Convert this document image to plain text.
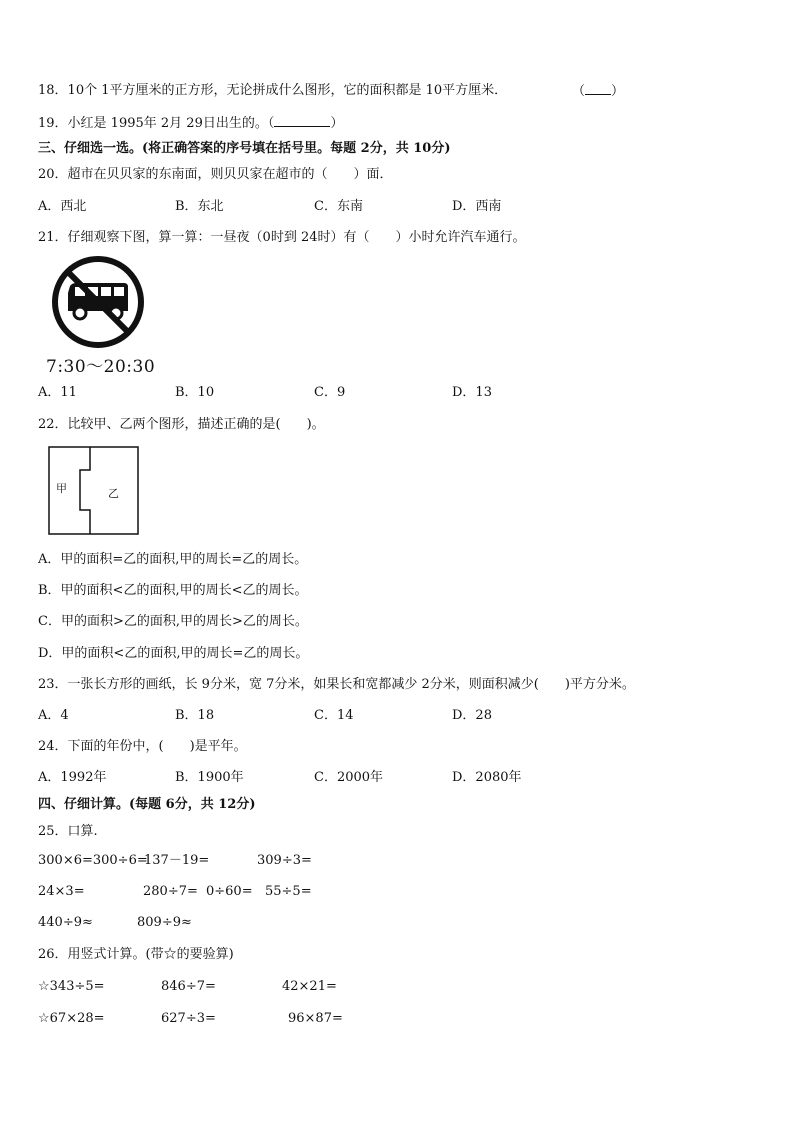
18．10个 1平方厘米的正方形，无论拼成什么图形，它的面积都是 10平方厘米．	（ ）
19．小红是 1995年 2月 29日出生的。（	）
三、仔细选一选。(将正确答案的序号填在括号里。每题 2分，共 10分)
20．超市在贝贝家的东南面，则贝贝家在超市的（　　）面．
A．西北	B．东北	C．东南	D．西南
21．仔细观察下图，算一算：一昼夜（0时到 24时）有（　　）小时允许汽车通行。
7:30～20:30
A．11	B．10	C．9	D．13
22．比较甲、乙两个图形，描述正确的是(　　)。
甲	乙
A．甲的面积=乙的面积,甲的周长=乙的周长。
B．甲的面积<乙的面积,甲的周长<乙的周长。
C．甲的面积>乙的面积,甲的周长>乙的周长。
D．甲的面积<乙的面积,甲的周长=乙的周长。
23．一张长方形的画纸，长 9分米，宽 7分米，如果长和宽都减少 2分米，则面积减少(　　)平方分米。
A．4	B．18	C．14	D．28
24．下面的年份中，(　　)是平年。
A．1992年	B．1900年	C．2000年	D．2080年
四、仔细计算。(每题 6分，共 12分)
25．口算.
300×6=300÷6=
137－19=	309÷3=
24×3=	280÷7= 0÷60= 55÷5=
440÷9≈	809÷9≈
26．用竖式计算。(带☆的要验算)
☆343÷5=	846÷7=	42×21=
☆67×28=	627÷3=	96×87=
